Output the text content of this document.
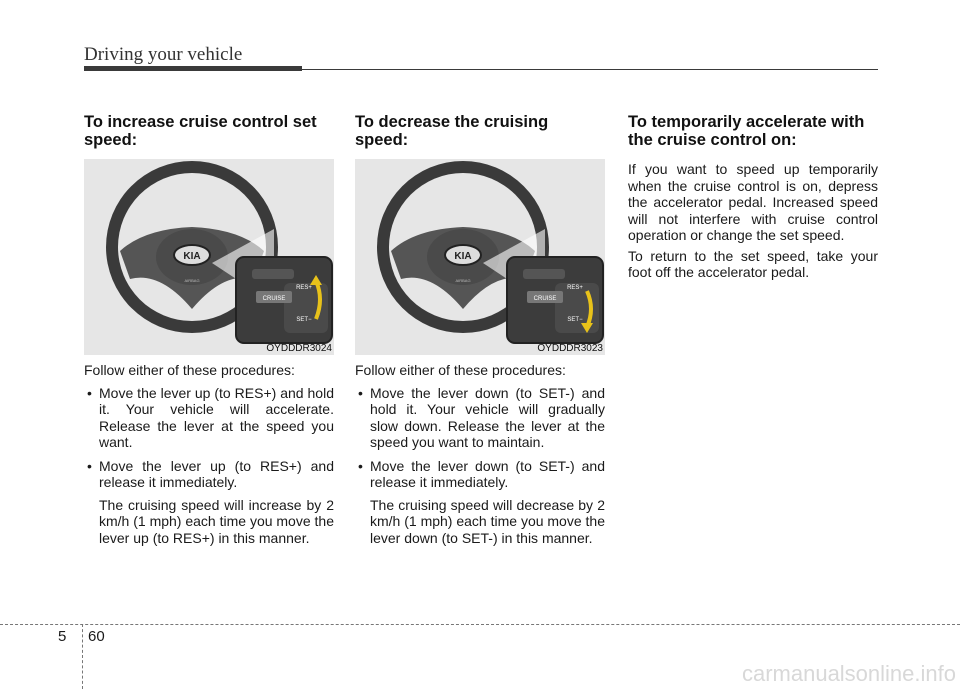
Driving your vehicle
To increase cruise control set speed:
KIA
AIRBAG
CRUISE
RES+
SET−
OYDDDR3024

Follow either of these procedures:

• Move the lever up (to RES+) and hold it. Your vehicle will accelerate. Release the lever at the speed you want.
• Move the lever up (to RES+) and release it immediately.
The cruising speed will increase by 2 km/h (1 mph) each time you move the lever up (to RES+) in this manner.
To decrease the cruising speed:
KIA
AIRBAG
CRUISE
RES+
SET−
OYDDDR3023

Follow either of these procedures:

• Move the lever down (to SET-) and hold it. Your vehicle will gradually slow down. Release the lever at the speed you want to maintain.
• Move the lever down (to SET-) and release it immediately.
The cruising speed will decrease by 2 km/h (1 mph) each time you move the lever down (to SET-) in this manner.
To temporarily accelerate with the cruise control on:

If you want to speed up temporarily when the cruise control is on, depress the accelerator pedal. Increased speed will not interfere with cruise control operation or change the set speed.

To return to the set speed, take your foot off the accelerator pedal.

5 60
carmanualsonline.info
